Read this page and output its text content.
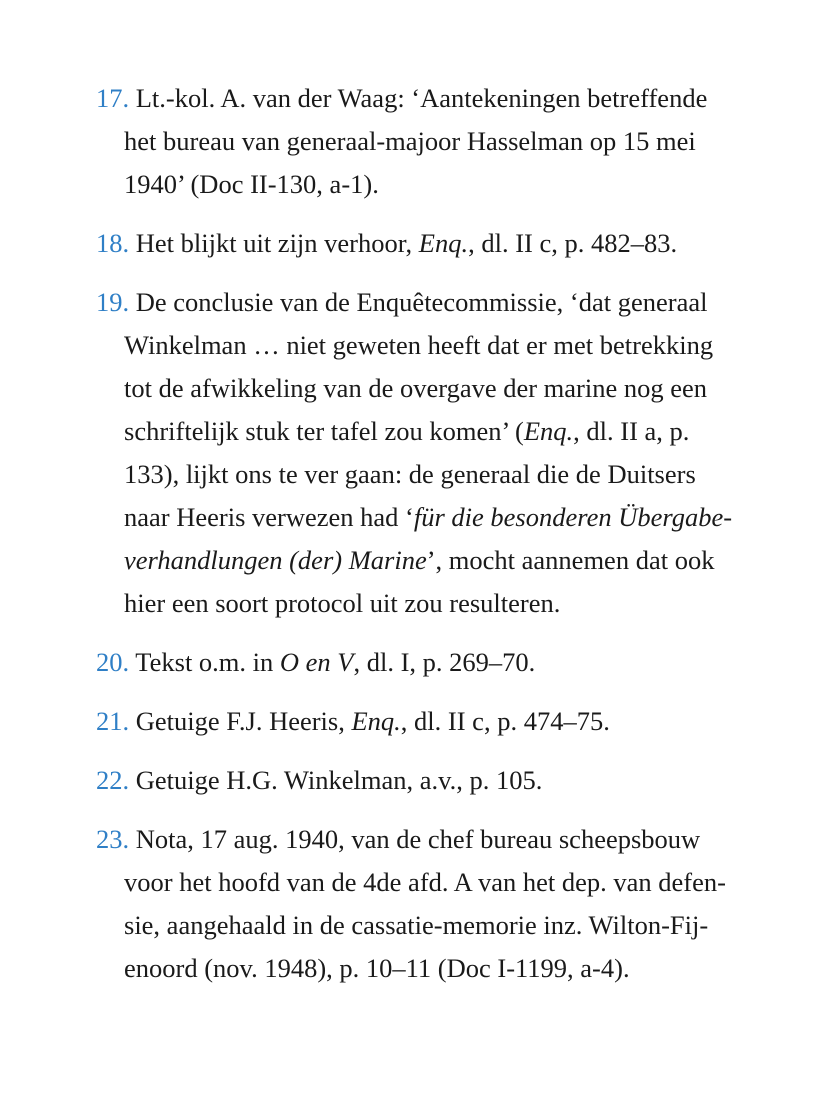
17. Lt.-kol. A. van der Waag: ‘Aantekeningen betreffende het bureau van generaal-majoor Hasselman op 15 mei 1940’ (Doc II-130, a-1).

18. Het blijkt uit zijn verhoor, Enq., dl. II c, p. 482–83.

19. De conclusie van de Enquêtecommissie, ‘dat generaal Winkelman … niet geweten heeft dat er met betrekking tot de afwikkeling van de overgave der marine nog een schriftelijk stuk ter tafel zou komen’ (Enq., dl. II a, p. 133), lijkt ons te ver gaan: de generaal die de Duitsers naar Heeris verwezen had ‘für die besonderen Übergabeverhandlungen (der) Marine’, mocht aannemen dat ook hier een soort protocol uit zou resulteren.

20. Tekst o.m. in O en V, dl. I, p. 269–70.

21. Getuige F.J. Heeris, Enq., dl. II c, p. 474–75.

22. Getuige H.G. Winkelman, a.v., p. 105.

23. Nota, 17 aug. 1940, van de chef bureau scheepsbouw voor het hoofd van de 4de afd. A van het dep. van defensie, aangehaald in de cassatie-memorie inz. Wilton-Fijenoord (nov. 1948), p. 10–11 (Doc I-1199, a-4).
